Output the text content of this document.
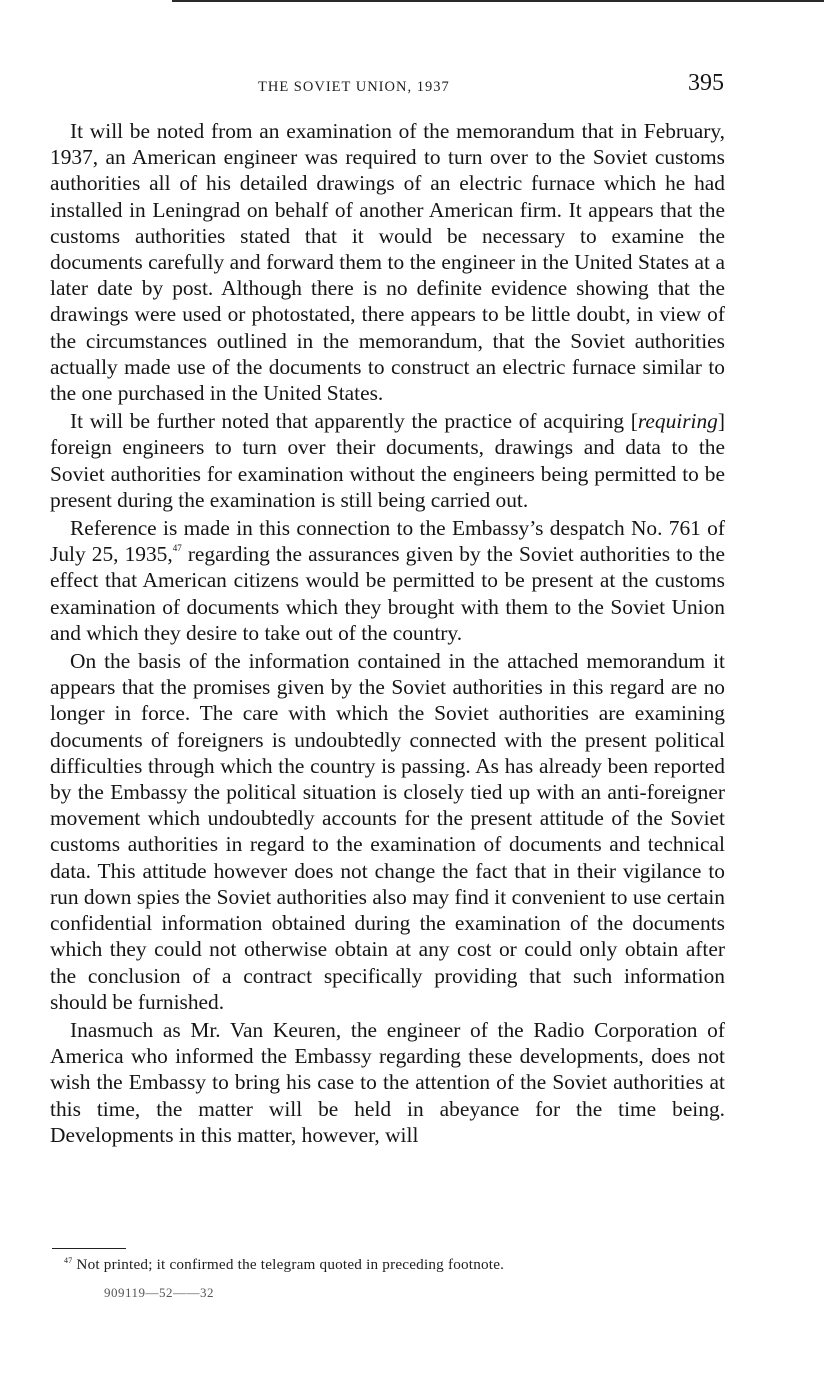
THE SOVIET UNION, 1937	395

It will be noted from an examination of the memorandum that in February, 1937, an American engineer was required to turn over to the Soviet customs authorities all of his detailed drawings of an electric furnace which he had installed in Leningrad on behalf of another American firm. It appears that the customs authorities stated that it would be necessary to examine the documents carefully and forward them to the engineer in the United States at a later date by post. Although there is no definite evidence showing that the drawings were used or photostated, there appears to be little doubt, in view of the circumstances outlined in the memorandum, that the Soviet authorities actually made use of the documents to construct an electric furnace similar to the one purchased in the United States.

It will be further noted that apparently the practice of acquiring [requiring] foreign engineers to turn over their documents, drawings and data to the Soviet authorities for examination without the engineers being permitted to be present during the examination is still being carried out.

Reference is made in this connection to the Embassy’s despatch No. 761 of July 25, 1935,47 regarding the assurances given by the Soviet authorities to the effect that American citizens would be permitted to be present at the customs examination of documents which they brought with them to the Soviet Union and which they desire to take out of the country.

On the basis of the information contained in the attached memorandum it appears that the promises given by the Soviet authorities in this regard are no longer in force. The care with which the Soviet authorities are examining documents of foreigners is undoubtedly connected with the present political difficulties through which the country is passing. As has already been reported by the Embassy the political situation is closely tied up with an anti-foreigner movement which undoubtedly accounts for the present attitude of the Soviet customs authorities in regard to the examination of documents and technical data. This attitude however does not change the fact that in their vigilance to run down spies the Soviet authorities also may find it convenient to use certain confidential information obtained during the examination of the documents which they could not otherwise obtain at any cost or could only obtain after the conclusion of a contract specifically providing that such information should be furnished.

Inasmuch as Mr. Van Keuren, the engineer of the Radio Corporation of America who informed the Embassy regarding these developments, does not wish the Embassy to bring his case to the attention of the Soviet authorities at this time, the matter will be held in abeyance for the time being. Developments in this matter, however, will

$^{47}$ Not printed; it confirmed the telegram quoted in preceding footnote.
909119—52——32
